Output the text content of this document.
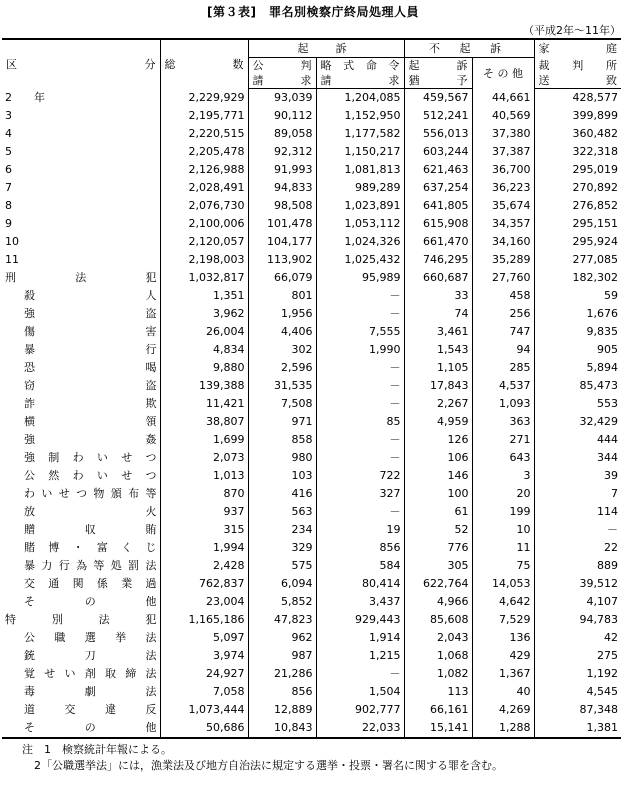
[第３表]　罪名別検察庁終局処理人員
（平成2年～11年）
区 分	総 数	起　訴		不 起 訴		家 庭

		公 判	略 式 命 令	起 訴	そ の 他	裁 判 所

		請 求	請 求	猶 予		送 致

2　　年	2,229,929	93,039	1,204,085	459,567	44,661	428,577
3	2,195,771	90,112	1,152,950	512,241	40,569	399,899
4	2,220,515	89,058	1,177,582	556,013	37,380	360,482
5	2,205,478	92,312	1,150,217	603,244	37,387	322,318
6	2,126,988	91,993	1,081,813	621,463	36,700	295,019
7	2,028,491	94,833	989,289	637,254	36,223	270,892
8	2,076,730	98,508	1,023,891	641,805	35,674	276,852
9	2,100,006	101,478	1,053,112	615,908	34,357	295,151
10	2,120,057	104,177	1,024,326	661,470	34,160	295,924
11	2,198,003	113,902	1,025,432	746,295	35,289	277,085
刑法犯	1,032,817	66,079	95,989	660,687	27,760	182,302
殺人	1,351	801	－	33	458	59
強盗	3,962	1,956	－	74	256	1,676
傷害	26,004	4,406	7,555	3,461	747	9,835
暴行	4,834	302	1,990	1,543	94	905
恐喝	9,880	2,596	－	1,105	285	5,894
窃盗	139,388	31,535	－	17,843	4,537	85,473
詐欺	11,421	7,508	－	2,267	1,093	553
横領	38,807	971	85	4,959	363	32,429
強姦	1,699	858	－	126	271	444
強制わいせつ	2,073	980	－	106	643	344
公然わいせつ	1,013	103	722	146	3	39
わいせつ物頒布等	870	416	327	100	20	7
放火	937	563	－	61	199	114
贈収賄	315	234	19	52	10	－
賭博・富くじ	1,994	329	856	776	11	22
暴力行為等処罰法	2,428	575	584	305	75	889
交通関係業過	762,837	6,094	80,414	622,764	14,053	39,512
その他	23,004	5,852	3,437	4,966	4,642	4,107
特別法犯	1,165,186	47,823	929,443	85,608	7,529	94,783
公職選挙法	5,097	962	1,914	2,043	136	42
銃刀法	3,974	987	1,215	1,068	429	275
覚せい剤取締法	24,927	21,286	－	1,082	1,367	1,192
毒劇法	7,058	856	1,504	113	40	4,545
道交違反	1,073,444	12,889	902,777	66,161	4,269	87,348
その他	50,686	10,843	22,033	15,141	1,288	1,381
注　1　検察統計年報による。
2「公職選挙法」には，漁業法及び地方自治法に規定する選挙・投票・署名に関する罪を含む。
